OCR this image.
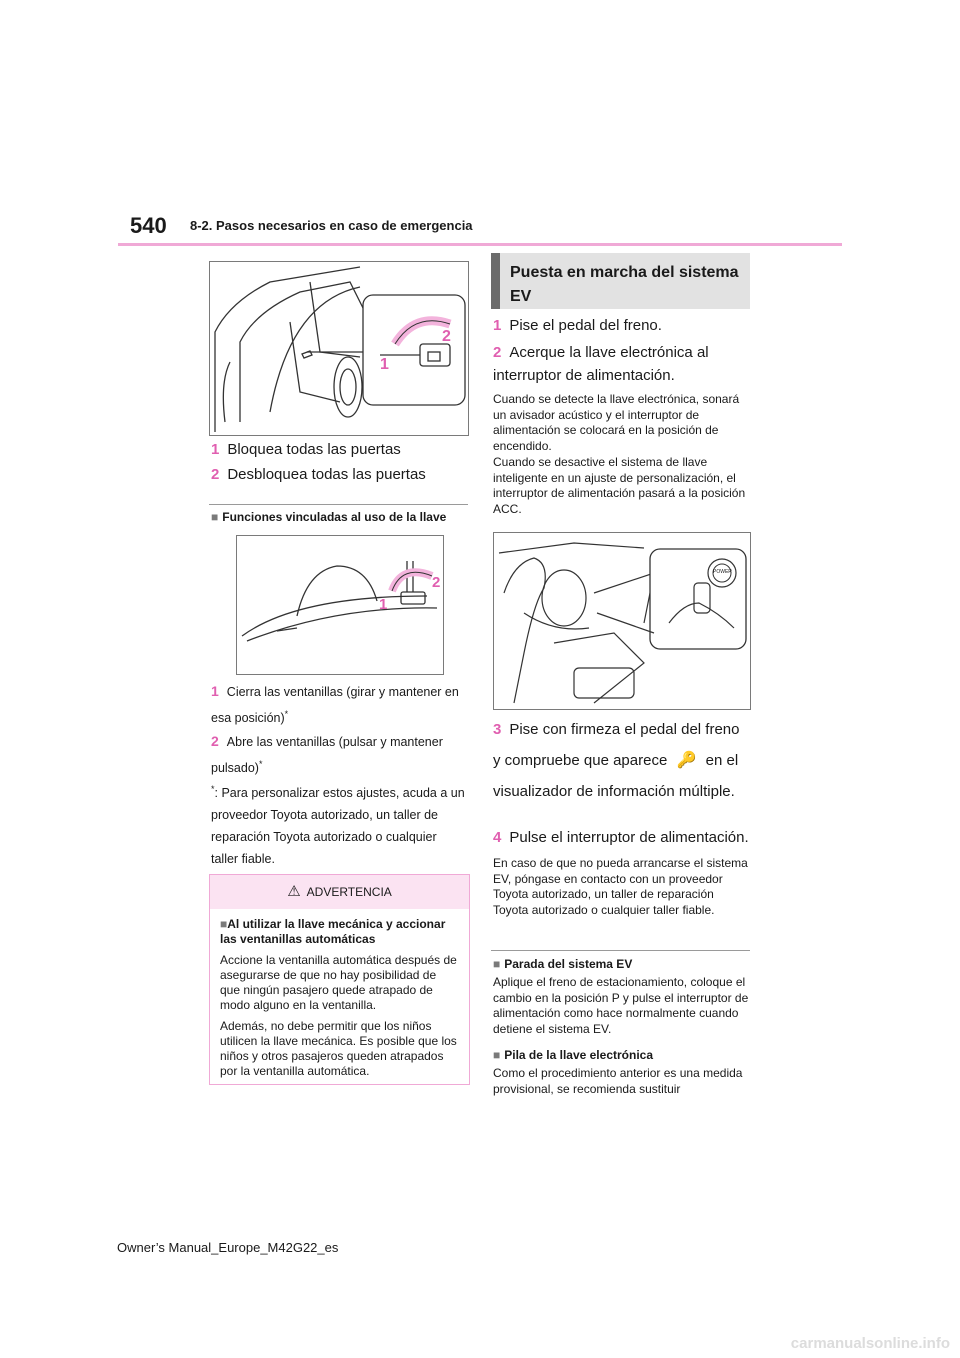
540 8-2. Pasos necesarios en caso de emergencia
1
2
1 Bloquea todas las puertas
2 Desbloquea todas las puertas
■ Funciones vinculadas al uso de la llave
1
2
1 Cierra las ventanillas (girar y mantener en esa posición)*
2 Abre las ventanillas (pulsar y mantener pulsado)*
*: Para personalizar estos ajustes, acuda a un proveedor Toyota autorizado, un taller de reparación Toyota autorizado o cualquier taller fiable.
⚠ ADVERTENCIA

■Al utilizar la llave mecánica y accionar las ventanillas automáticas

Accione la ventanilla automática después de asegurarse de que no hay posibilidad de que ningún pasajero quede atrapado de modo alguno en la ventanilla.

Además, no debe permitir que los niños utilicen la llave mecánica. Es posible que los niños y otros pasajeros queden atrapados por la ventanilla automática.

Puesta en marcha del sistema EV
1 Pise el pedal del freno.
2 Acerque la llave electrónica al interruptor de alimentación.
Cuando se detecte la llave electrónica, sonará un avisador acústico y el interruptor de alimentación se colocará en la posición de encendido.
Cuando se desactive el sistema de llave inteligente en un ajuste de personalización, el interruptor de alimentación pasará a la posición ACC.
POWER
3 Pise con firmeza el pedal del freno y compruebe que aparece 🔑 en el visualizador de información múltiple.
4 Pulse el interruptor de alimentación.
En caso de que no pueda arrancarse el sistema EV, póngase en contacto con un proveedor Toyota autorizado, un taller de reparación Toyota autorizado o cualquier taller fiable.
■ Parada del sistema EV
Aplique el freno de estacionamiento, coloque el cambio en la posición P y pulse el interruptor de alimentación como hace normalmente cuando detiene el sistema EV.
■ Pila de la llave electrónica
Como el procedimiento anterior es una medida provisional, se recomienda sustituir
Owner’s Manual_Europe_M42G22_es
carmanualsonline.info
